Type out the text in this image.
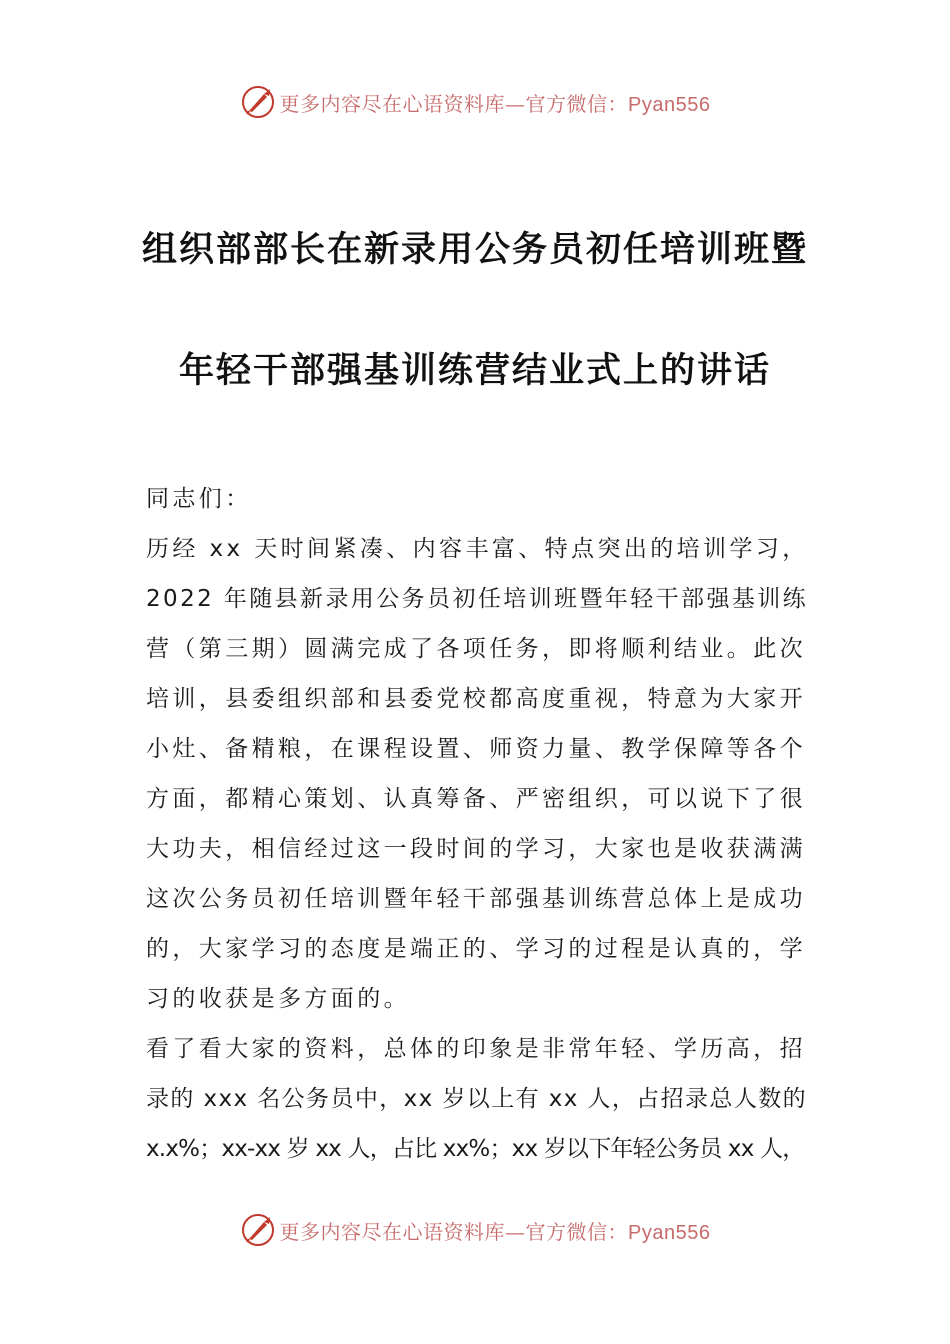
更多内容尽在心语资料库—官方微信：Pyan556
组织部部长在新录用公务员初任培训班暨
年轻干部强基训练营结业式上的讲话
同志们：
历经 xx 天时间紧凑、内容丰富、特点突出的培训学习，
2022 年随县新录用公务员初任培训班暨年轻干部强基训练
营（第三期）圆满完成了各项任务，即将顺利结业。此次
培训，县委组织部和县委党校都高度重视，特意为大家开
小灶、备精粮，在课程设置、师资力量、教学保障等各个
方面，都精心策划、认真筹备、严密组织，可以说下了很
大功夫，相信经过这一段时间的学习，大家也是收获满满
这次公务员初任培训暨年轻干部强基训练营总体上是成功
的，大家学习的态度是端正的、学习的过程是认真的，学
习的收获是多方面的。
看了看大家的资料，总体的印象是非常年轻、学历高，招
录的 xxx 名公务员中，xx 岁以上有 xx 人，占招录总人数的
x.x%；xx-xx 岁 xx 人，占比 xx%；xx 岁以下年轻公务员 xx 人，
更多内容尽在心语资料库—官方微信：Pyan556
